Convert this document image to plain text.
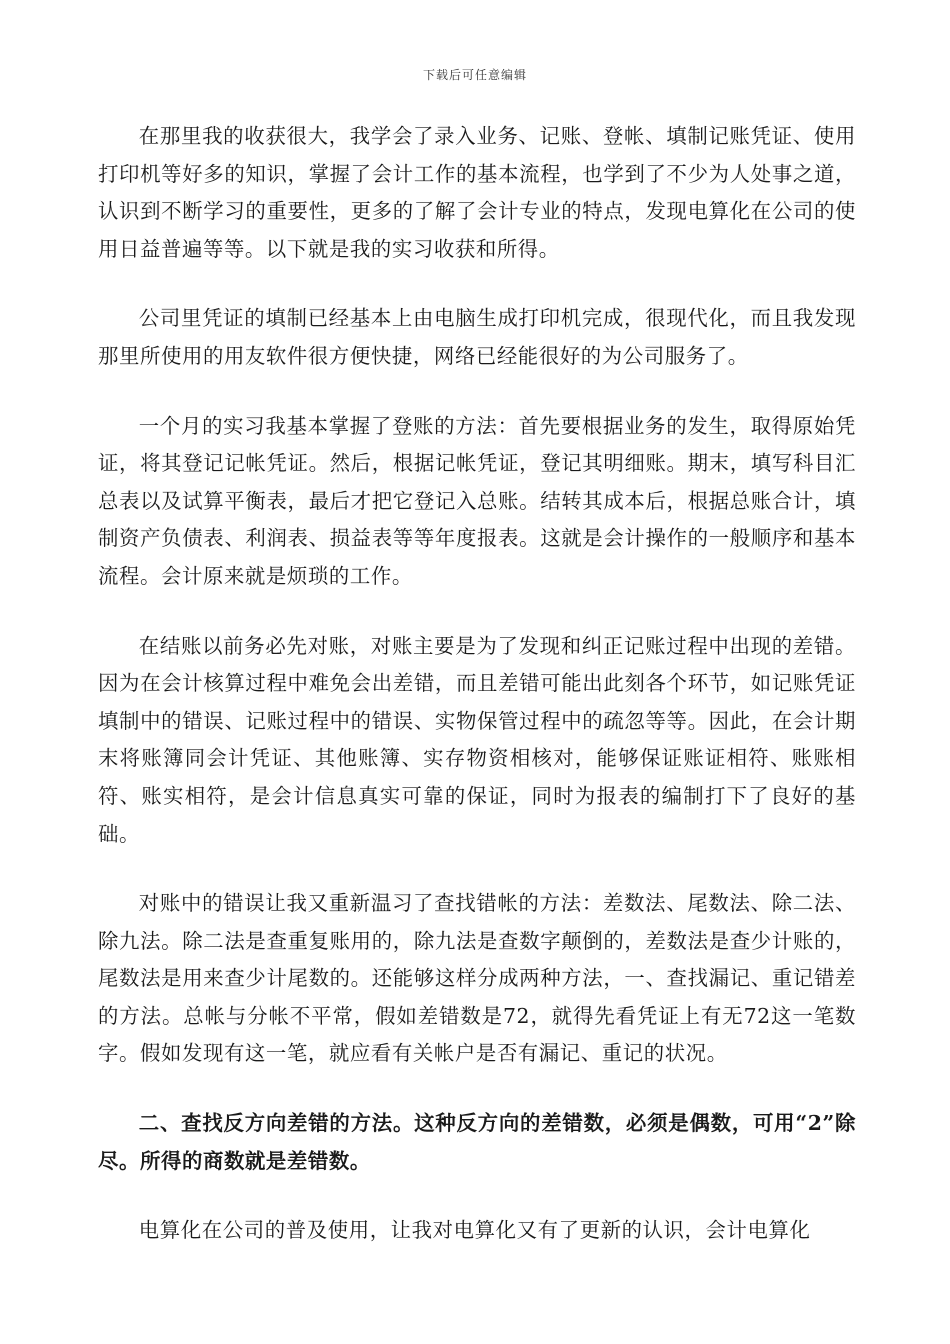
下载后可任意编辑

在那里我的收获很大，我学会了录入业务、记账、登帐、填制记账凭证、使用打印机等好多的知识，掌握了会计工作的基本流程，也学到了不少为人处事之道，认识到不断学习的重要性，更多的了解了会计专业的特点，发现电算化在公司的使用日益普遍等等。以下就是我的实习收获和所得。

公司里凭证的填制已经基本上由电脑生成打印机完成，很现代化，而且我发现那里所使用的用友软件很方便快捷，网络已经能很好的为公司服务了。

一个月的实习我基本掌握了登账的方法：首先要根据业务的发生，取得原始凭证，将其登记记帐凭证。然后，根据记帐凭证，登记其明细账。期末，填写科目汇总表以及试算平衡表，最后才把它登记入总账。结转其成本后，根据总账合计，填制资产负债表、利润表、损益表等等年度报表。这就是会计操作的一般顺序和基本流程。会计原来就是烦琐的工作。

在结账以前务必先对账，对账主要是为了发现和纠正记账过程中出现的差错。因为在会计核算过程中难免会出差错，而且差错可能出此刻各个环节，如记账凭证填制中的错误、记账过程中的错误、实物保管过程中的疏忽等等。因此，在会计期末将账簿同会计凭证、其他账簿、实存物资相核对，能够保证账证相符、账账相符、账实相符，是会计信息真实可靠的保证，同时为报表的编制打下了良好的基础。

对账中的错误让我又重新温习了查找错帐的方法：差数法、尾数法、除二法、除九法。除二法是查重复账用的，除九法是查数字颠倒的，差数法是查少计账的，尾数法是用来查少计尾数的。还能够这样分成两种方法，一、查找漏记、重记错差的方法。总帐与分帐不平常，假如差错数是72，就得先看凭证上有无72这一笔数字。假如发现有这一笔，就应看有关帐户是否有漏记、重记的状况。

二、查找反方向差错的方法。这种反方向的差错数，必须是偶数，可用“2”除尽。所得的商数就是差错数。

电算化在公司的普及使用，让我对电算化又有了更新的认识，会计电算化
